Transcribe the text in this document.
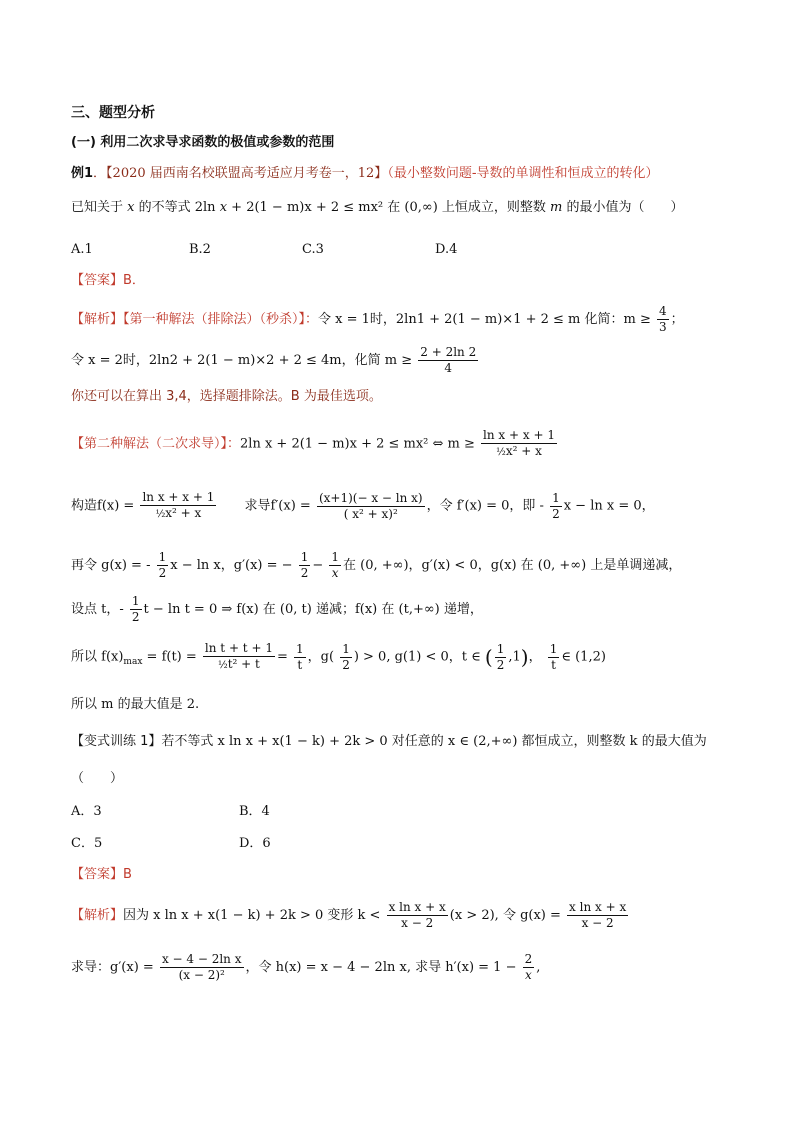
三、题型分析
(一) 利用二次求导求函数的极值或参数的范围
例1．【2020 届西南名校联盟高考适应月考卷一，12】（最小整数问题-导数的单调性和恒成立的转化）
已知关于 x 的不等式 2ln x + 2(1 − m)x + 2 ≤ mx² 在 (0,∞) 上恒成立，则整数 m 的最小值为（　　）
A.1	B.2	C.3	D.4
【答案】B．
【解析】【第一种解法（排除法）（秒杀）】：令 x = 1时，2ln1 + 2(1 − m)×1 + 2 ≤ m 化简：$m \ge \frac{4}{3}$ ；
令 x = 2时，2ln2 + 2(1 − m)×2 + 2 ≤ 4m，化简 $m \ge \frac{2 + 2\ln 2}{4}$
你还可以在算出 3,4，选择题排除法。B 为最佳选项。
【第二种解法（二次求导）】：2ln x + 2(1 − m)x + 2 ≤ mx² ⇔ $m \ge \frac{\text{ln x + x + 1}}{\text{½x² + x}}$
构造$f(x) = \frac{\text{ln x + x + 1}}{\text{½x² + x}}$ 求导$f'(x) = \frac{\text{(x+1)(− x − ln x)}}{\text{( x² + x)²}}$ ，令 f′(x) = 0，即 - $\frac{1}{2}$ x − ln x = 0，
再令 g(x) = - $\frac{1}{2}$ x − ln x，g′(x) = − $\frac{1}{2} - \frac{1}{x}$ 在 (0, +∞)，g′(x) < 0，g(x) 在 (0, +∞) 上是单调递减，
设点 t，- $\frac{1}{2}$ t − ln t = 0 ⇒ f(x) 在 (0, t) 递减；f(x) 在 (t,+∞) 递增，
所以 $f(x)_{max} = f(t) = \frac{\text{ln t + t + 1}}{\text{½t² + t}} = \frac{1}{t}$ ，$g( \frac{1}{2}$ ) > 0, g(1) < 0，t ∈ ( $\frac{1}{2} ,1$)， $\frac{1}{t}$ ∈ (1,2)
所以 m 的最大值是 2.
【变式训练 1】若不等式 x ln x + x(1 − k) + 2k > 0 对任意的 x ∈ (2,+∞) 都恒成立，则整数 k 的最大值为
（　　）
A．3	B．4
C．5	D．6
【答案】B
【解析】因为 x ln x + x(1 − k) + 2k > 0 变形 $k < \frac{\text{x ln x + x}}{x - 2} (x > 2)$, 令 $g(x) = \frac{\text{x ln x + x}}{x - 2}$
求导：$g'(x) = \frac{\text{x − 4 − 2ln x}}{\text{(x − 2)²}}$ ，令 h(x) = x − 4 − 2ln x, 求导 $h'(x) = 1 - \frac{2}{x}$ ,
